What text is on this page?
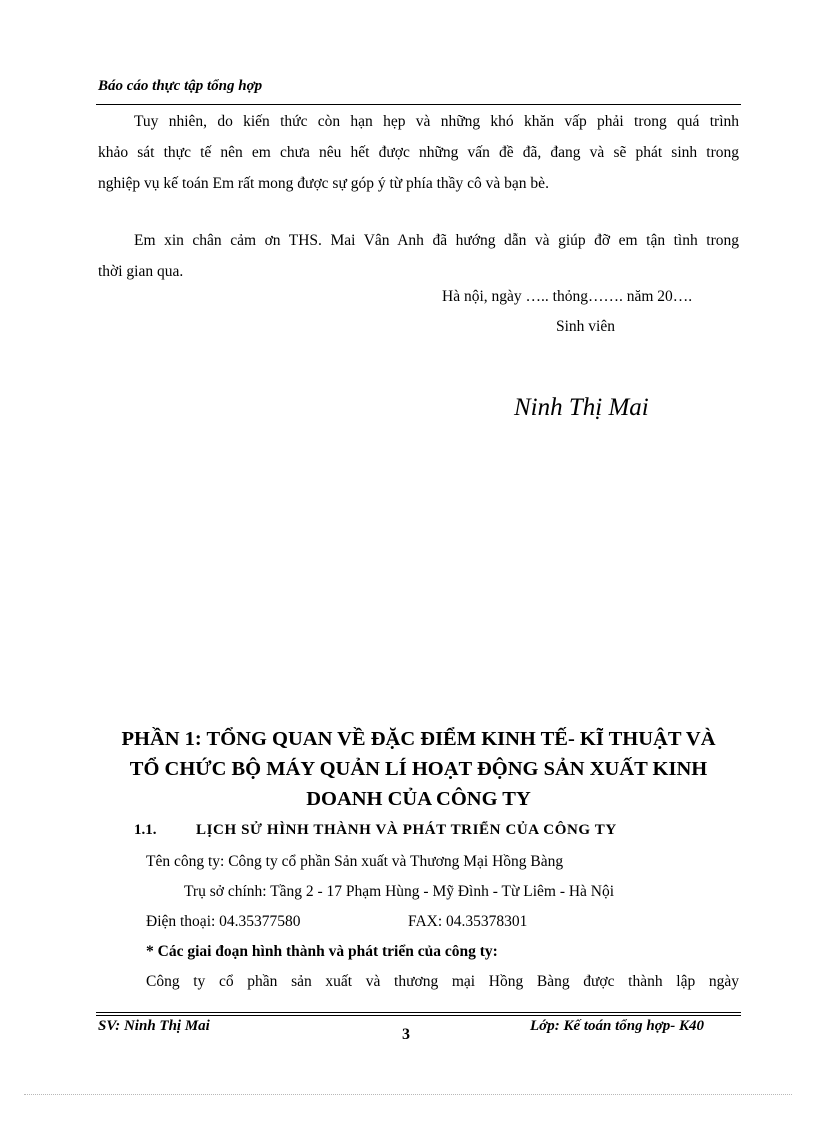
Báo cáo thực tập tổng hợp
Tuy nhiên, do kiến thức còn hạn hẹp và những khó khăn vấp phải trong quá trình
khảo sát thực tế nên em chưa nêu hết được những vấn đề đã, đang và sẽ phát sinh trong
nghiệp vụ kế toán Em rất mong được sự góp ý từ phía thầy cô và bạn bè.
Em xin chân cảm ơn THS. Mai Vân Anh đã hướng dẫn và giúp đỡ em tận tình trong
thời gian qua.
Hà nội, ngày ….. thỏng……. năm 20….
Sinh viên
Ninh Thị Mai
PHẦN 1: TỔNG QUAN VỀ ĐẶC ĐIỂM KINH TẾ- KĨ THUẬT VÀ
TỔ CHỨC BỘ MÁY QUẢN LÍ HOẠT ĐỘNG SẢN XUẤT KINH
DOANH CỦA CÔNG TY
1.1.	LỊCH SỬ HÌNH THÀNH VÀ PHÁT TRIỂN CỦA CÔNG TY
Tên công ty: Công ty cổ phần Sản xuất và Thương Mại Hồng Bàng
Trụ sở chính: Tầng 2 - 17 Phạm Hùng - Mỹ Đình - Từ Liêm - Hà Nội
Điện thoại: 04.35377580	FAX: 04.35378301
* Các giai đoạn hình thành và phát triển của công ty:
Công ty cổ phần sản xuất và thương mại Hồng Bàng được thành lập ngày
SV: Ninh Thị Mai	3	Lớp: Kế toán tổng hợp- K40
